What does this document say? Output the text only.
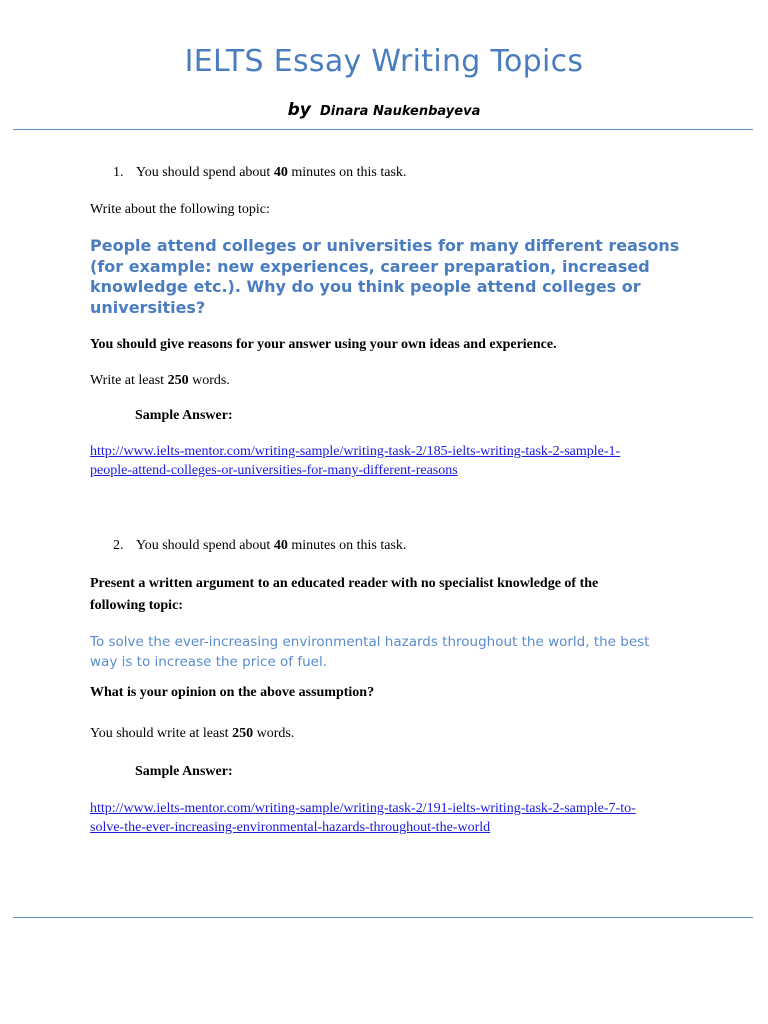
IELTS Essay Writing Topics
by Dinara Naukenbayeva
1. You should spend about 40 minutes on this task.
Write about the following topic:
People attend colleges or universities for many different reasons (for example: new experiences, career preparation, increased knowledge etc.). Why do you think people attend colleges or universities?
You should give reasons for your answer using your own ideas and experience.
Write at least 250 words.
Sample Answer:
http://www.ielts-mentor.com/writing-sample/writing-task-2/185-ielts-writing-task-2-sample-1-
people-attend-colleges-or-universities-for-many-different-reasons
2. You should spend about 40 minutes on this task.
Present a written argument to an educated reader with no specialist knowledge of the
following topic:
To solve the ever-increasing environmental hazards throughout the world, the best
way is to increase the price of fuel.
What is your opinion on the above assumption?
You should write at least 250 words.
Sample Answer:
http://www.ielts-mentor.com/writing-sample/writing-task-2/191-ielts-writing-task-2-sample-7-to-
solve-the-ever-increasing-environmental-hazards-throughout-the-world
